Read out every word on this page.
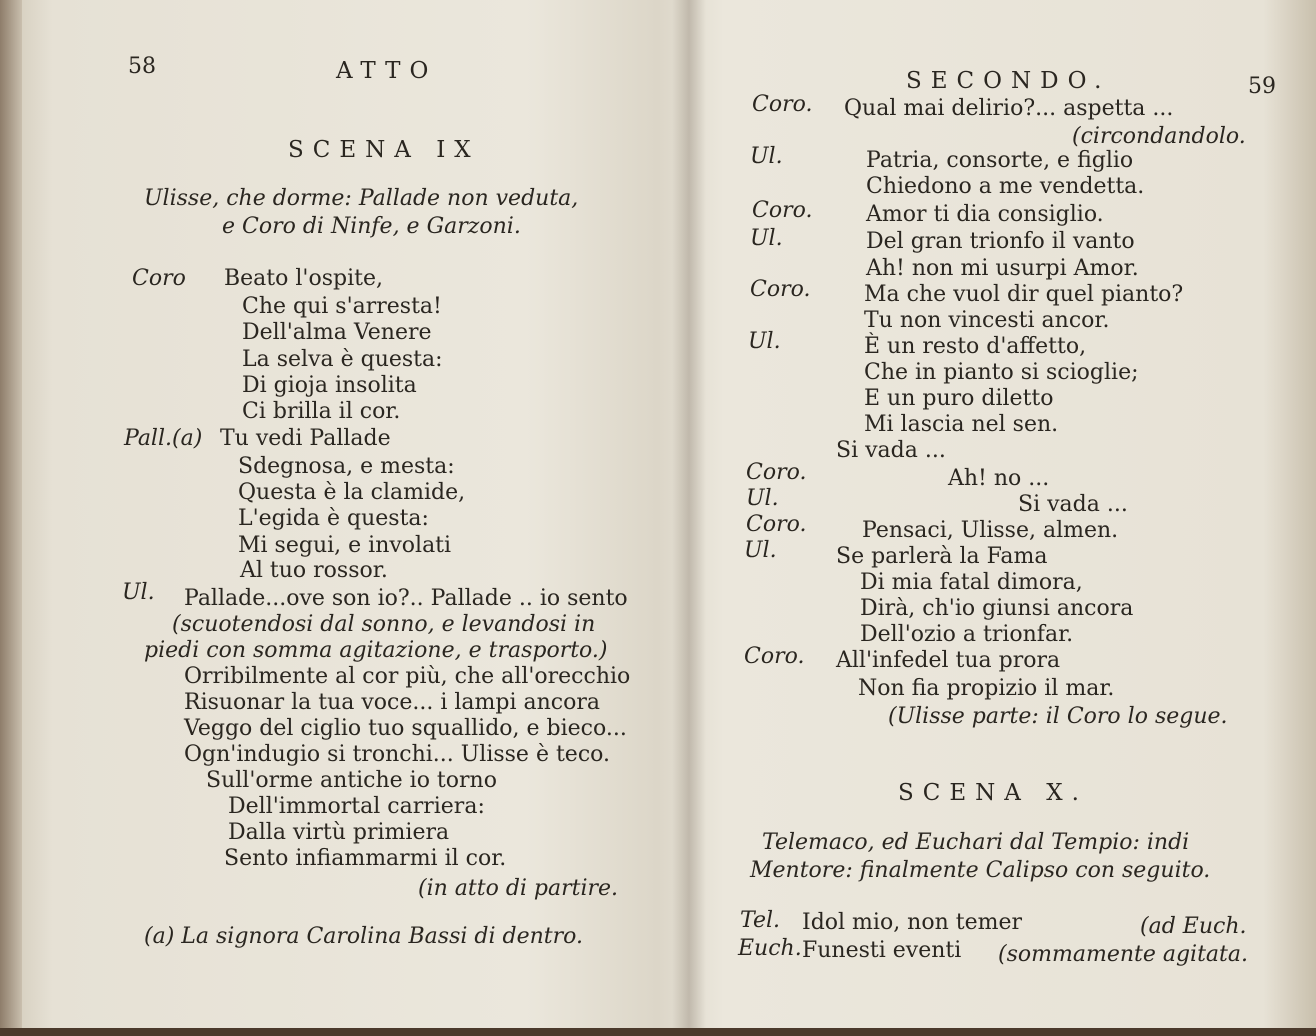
58	ATTO
SCENA IX
Ulisse, che dorme: Pallade non veduta,
e Coro di Ninfe, e Garzoni.
Coro Beato l'ospite,
Che qui s'arresta!
Dell'alma Venere
La selva è questa:
Di gioja insolita
Ci brilla il cor.
Pall.(a) Tu vedi Pallade
Sdegnosa, e mesta:
Questa è la clamide,
L'egida è questa:
Mi segui, e involati
Al tuo rossor.
Ul. Pallade...ove son io?.. Pallade .. io sento
(scuotendosi dal sonno, e levandosi in
piedi con somma agitazione, e trasporto.)
Orribilmente al cor più, che all'orecchio
Risuonar la tua voce... i lampi ancora
Veggo del ciglio tuo squallido, e bieco...
Ogn'indugio si tronchi... Ulisse è teco.
Sull'orme antiche io torno
Dell'immortal carriera:
Dalla virtù primiera
Sento infiammarmi il cor.
(in atto di partire.
(a) La signora Carolina Bassi di dentro.
SECONDO.	59
Coro. Qual mai delirio?... aspetta ...
(circondandolo.
Ul.	Patria, consorte, e figlio
Chiedono a me vendetta.
Coro. Amor ti dia consiglio.
Ul.	Del gran trionfo il vanto
Ah! non mi usurpi Amor.
Coro. Ma che vuol dir quel pianto?
Tu non vincesti ancor.
Ul.	È un resto d'affetto,
Che in pianto si scioglie;
E un puro diletto
Mi lascia nel sen.
Si vada ...
Coro.	Ah! no ...
Ul.	Si vada ...
Coro.	Pensaci, Ulisse, almen.
Ul.	Se parlerà la Fama
Di mia fatal dimora,
Dirà, ch'io giunsi ancora
Dell'ozio a trionfar.
Coro. All'infedel tua prora
Non fia propizio il mar.
(Ulisse parte: il Coro lo segue.
SCENA X.
Telemaco, ed Euchari dal Tempio: indi
Mentore: finalmente Calipso con seguito.
Tel. Idol mio, non temer	(ad Euch.
Euch. Funesti eventi (sommamente agitata.
